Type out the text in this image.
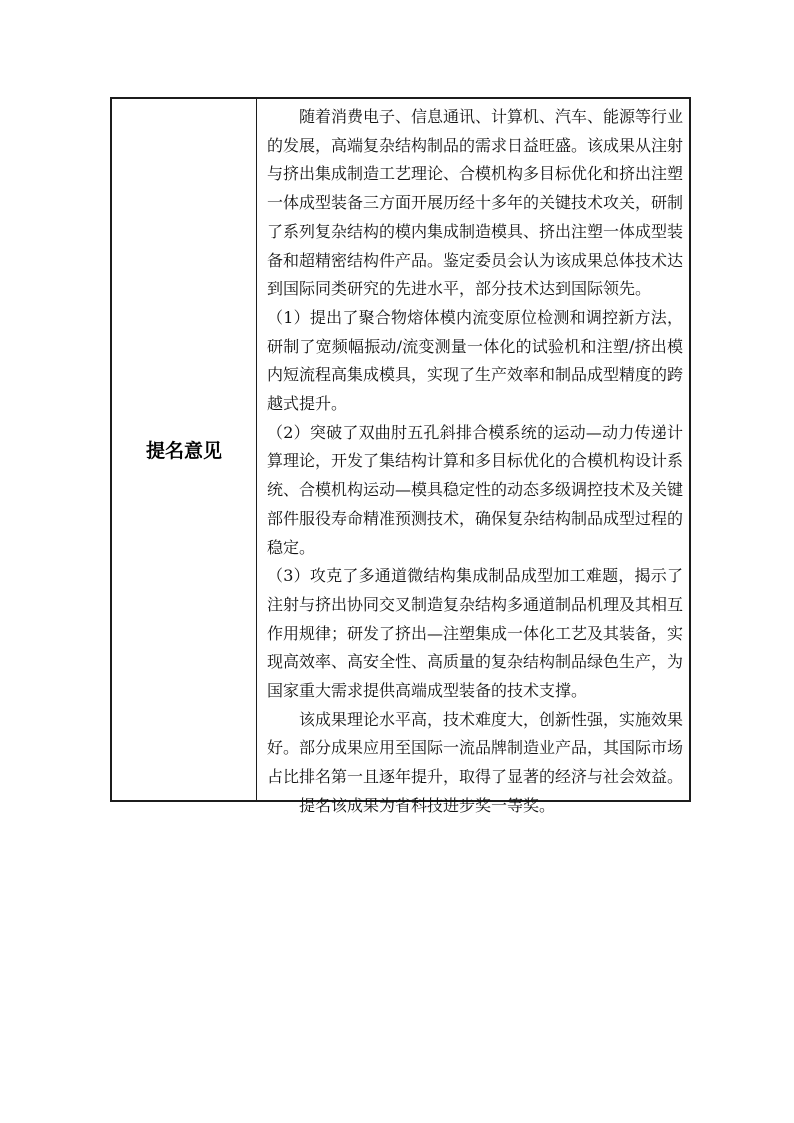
提名意见

随着消费电子、信息通讯、计算机、汽车、能源等行业的发展，高端复杂结构制品的需求日益旺盛。该成果从注射与挤出集成制造工艺理论、合模机构多目标优化和挤出注塑一体成型装备三方面开展历经十多年的关键技术攻关，研制了系列复杂结构的模内集成制造模具、挤出注塑一体成型装备和超精密结构件产品。鉴定委员会认为该成果总体技术达到国际同类研究的先进水平，部分技术达到国际领先。

（1）提出了聚合物熔体模内流变原位检测和调控新方法，研制了宽频幅振动/流变测量一体化的试验机和注塑/挤出模内短流程高集成模具，实现了生产效率和制品成型精度的跨越式提升。

（2）突破了双曲肘五孔斜排合模系统的运动—动力传递计算理论，开发了集结构计算和多目标优化的合模机构设计系统、合模机构运动—模具稳定性的动态多级调控技术及关键部件服役寿命精准预测技术，确保复杂结构制品成型过程的稳定。

（3）攻克了多通道微结构集成制品成型加工难题，揭示了注射与挤出协同交叉制造复杂结构多通道制品机理及其相互作用规律；研发了挤出—注塑集成一体化工艺及其装备，实现高效率、高安全性、高质量的复杂结构制品绿色生产，为国家重大需求提供高端成型装备的技术支撑。

该成果理论水平高，技术难度大，创新性强，实施效果好。部分成果应用至国际一流品牌制造业产品，其国际市场占比排名第一且逐年提升，取得了显著的经济与社会效益。

提名该成果为省科技进步奖一等奖。
